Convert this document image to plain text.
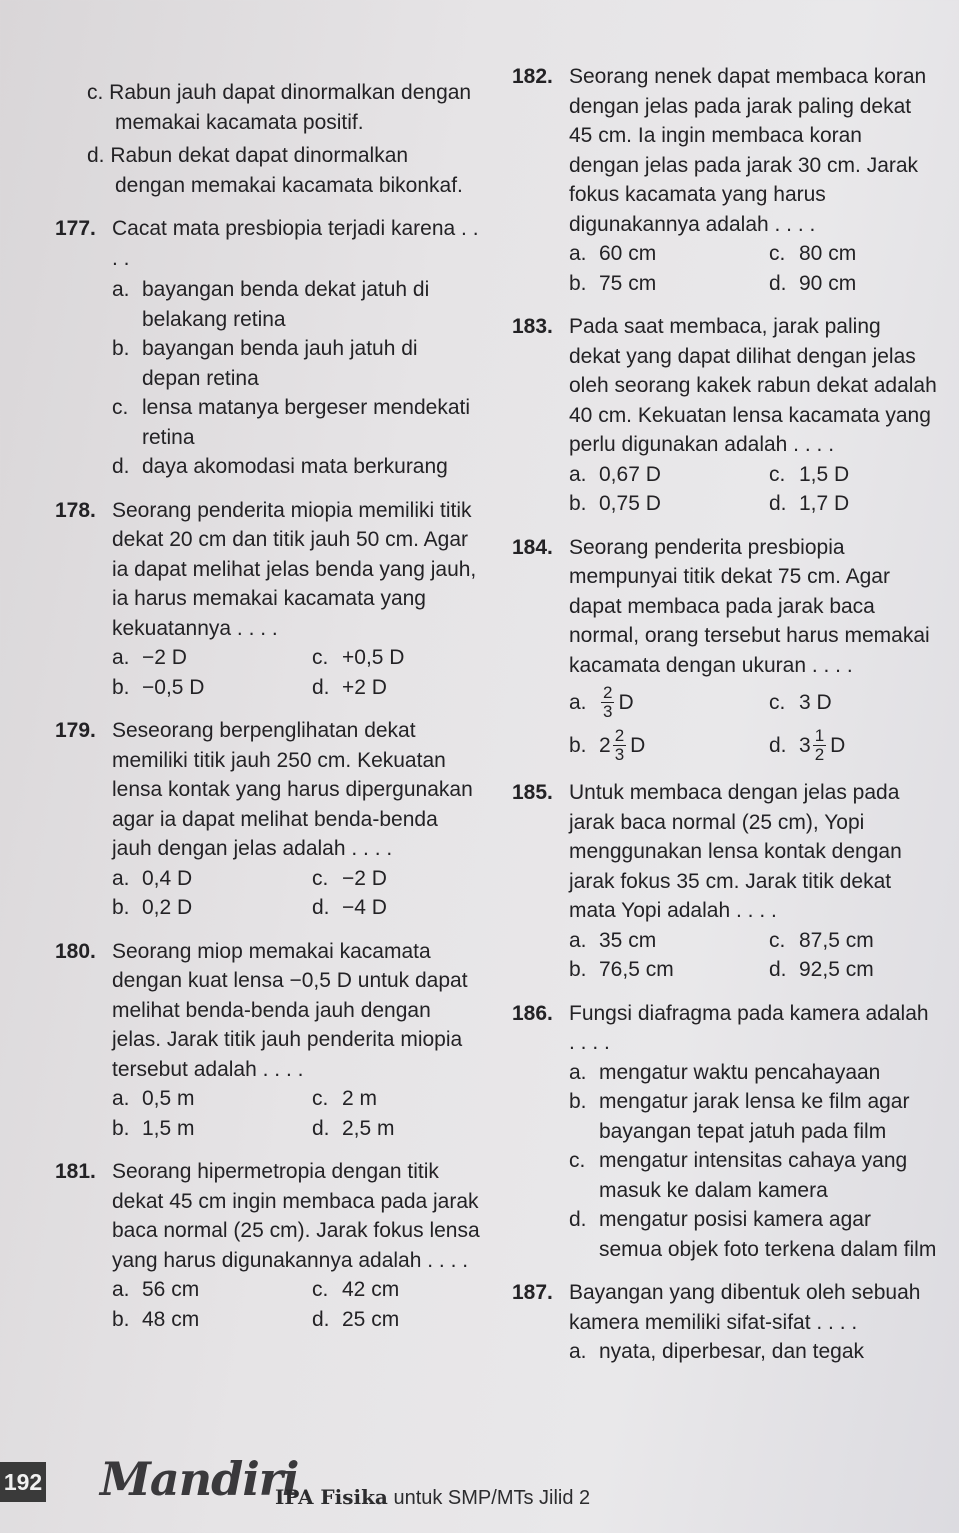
c. Rabun jauh dapat dinormalkan dengan memakai kacamata positif.
d. Rabun dekat dapat dinormalkan dengan memakai kacamata bikonkaf.
177. Cacat mata presbiopia terjadi karena . . . .
a. bayangan benda dekat jatuh di belakang retina
b. bayangan benda jauh jatuh di depan retina
c. lensa matanya bergeser mendekati retina
d. daya akomodasi mata berkurang
178. Seorang penderita miopia memiliki titik dekat 20 cm dan titik jauh 50 cm. Agar ia dapat melihat jelas benda yang jauh, ia harus memakai kacamata yang kekuatannya . . . .
a. −2 D	c. +0,5 D
b. −0,5 D	d. +2 D
179. Seseorang berpenglihatan dekat memiliki titik jauh 250 cm. Kekuatan lensa kontak yang harus dipergunakan agar ia dapat melihat benda-benda jauh dengan jelas adalah . . . .
a. 0,4 D	c. −2 D
b. 0,2 D	d. −4 D
180. Seorang miop memakai kacamata dengan kuat lensa −0,5 D untuk dapat melihat benda-benda jauh dengan jelas. Jarak titik jauh penderita miopia tersebut adalah . . . .
a. 0,5 m	c. 2 m
b. 1,5 m	d. 2,5 m
181. Seorang hipermetropia dengan titik dekat 45 cm ingin membaca pada jarak baca normal (25 cm). Jarak fokus lensa yang harus digunakannya adalah . . . .
a. 56 cm	c. 42 cm
b. 48 cm	d. 25 cm
182. Seorang nenek dapat membaca koran dengan jelas pada jarak paling dekat 45 cm. Ia ingin membaca koran dengan jelas pada jarak 30 cm. Jarak fokus kacamata yang harus digunakannya adalah . . . .
a. 60 cm	c. 80 cm
b. 75 cm	d. 90 cm
183. Pada saat membaca, jarak paling dekat yang dapat dilihat dengan jelas oleh seorang kakek rabun dekat adalah 40 cm. Kekuatan lensa kacamata yang perlu digunakan adalah . . . .
a. 0,67 D	c. 1,5 D
b. 0,75 D	d. 1,7 D
184. Seorang penderita presbiopia mempunyai titik dekat 75 cm. Agar dapat membaca pada jarak baca normal, orang tersebut harus memakai kacamata dengan ukuran . . . .
a. $\frac{2}{3}$ D	c. 3 D
b. $2 \frac{2}{3}$ D	d. $3 \frac{1}{2}$ D
185. Untuk membaca dengan jelas pada jarak baca normal (25 cm), Yopi menggunakan lensa kontak dengan jarak fokus 35 cm. Jarak titik dekat mata Yopi adalah . . . .
a. 35 cm	c. 87,5 cm
b. 76,5 cm	d. 92,5 cm
186. Fungsi diafragma pada kamera adalah . . . .
a. mengatur waktu pencahayaan
b. mengatur jarak lensa ke film agar bayangan tepat jatuh pada film
c. mengatur intensitas cahaya yang masuk ke dalam kamera
d. mengatur posisi kamera agar semua objek foto terkena dalam film
187. Bayangan yang dibentuk oleh sebuah kamera memiliki sifat-sifat . . . .
a. nyata, diperbesar, dan tegak
192 Mandiri
IPA Fisika untuk SMP/MTs Jilid 2
